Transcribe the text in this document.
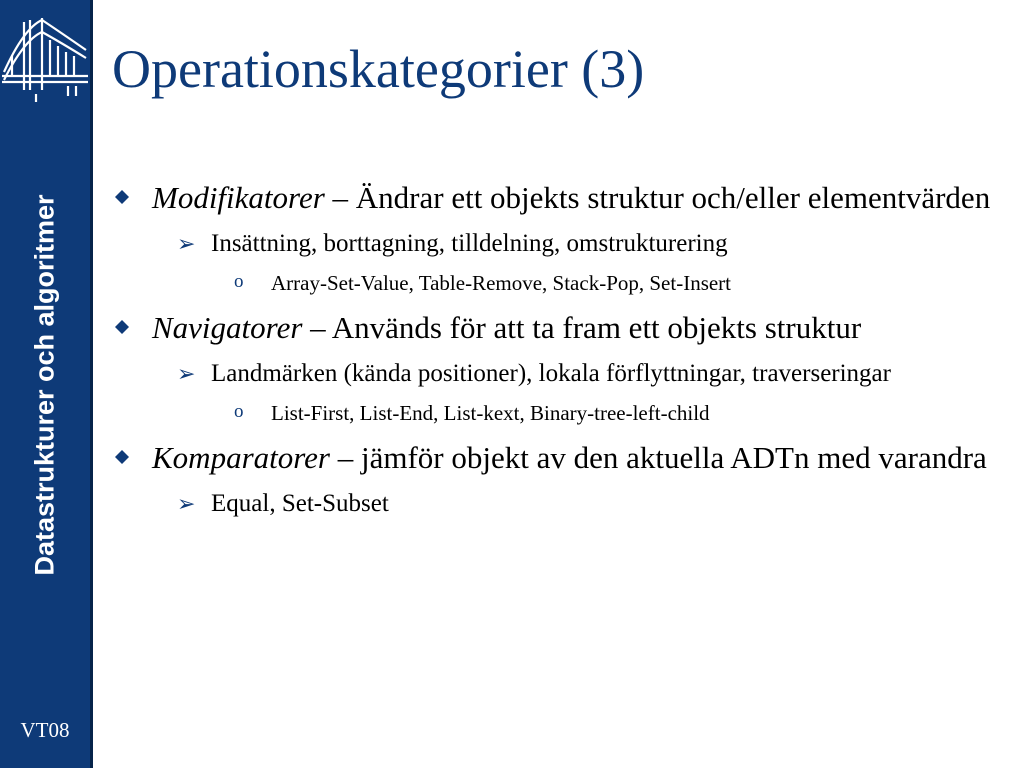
Datastrukturer och algoritmer
VT08
Operationskategorier (3)
Modifikatorer – Ändrar ett objekts struktur och/eller elementvärden
➢ Insättning, borttagning, tilldelning, omstrukturering
o Array-Set-Value, Table-Remove, Stack-Pop, Set-Insert
Navigatorer – Används för att ta fram ett objekts struktur
➢ Landmärken (kända positioner), lokala förflyttningar, traverseringar
o List-First, List-End, List-kext, Binary-tree-left-child
Komparatorer – jämför objekt av den aktuella ADTn med varandra
➢ Equal, Set-Subset
